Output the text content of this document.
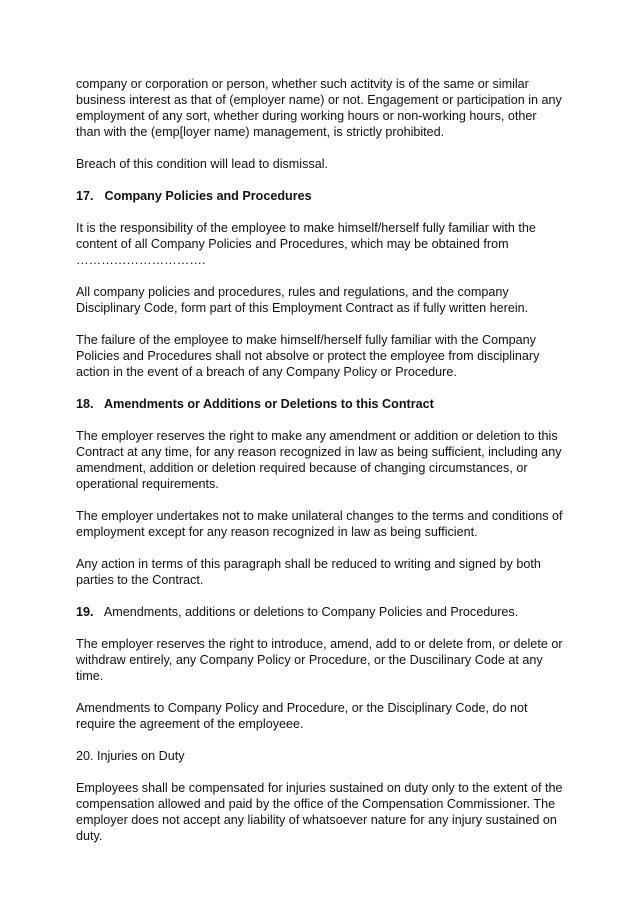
company or corporation or person, whether such actitvity is of the same or similar business interest as that of (employer name) or not. Engagement or participation in any employment of any sort, whether during working hours or non-working hours, other than with the (emp[loyer name) management, is strictly prohibited.

Breach of this condition will lead to dismissal.

17. Company Policies and Procedures

It is the responsibility of the employee to make himself/herself fully familiar with the content of all Company Policies and Procedures, which may be obtained from
………………………….

All company policies and procedures, rules and regulations, and the company Disciplinary Code, form part of this Employment Contract as if fully written herein.

The failure of the employee to make himself/herself fully familiar with the Company Policies and Procedures shall not absolve or protect the employee from disciplinary action in the event of a breach of any Company Policy or Procedure.

18. Amendments or Additions or Deletions to this Contract

The employer reserves the right to make any amendment or addition or deletion to this Contract at any time, for any reason recognized in law as being sufficient, including any amendment, addition or deletion required because of changing circumstances, or operational requirements.

The employer undertakes not to make unilateral changes to the terms and conditions of employment except for any reason recognized in law as being sufficient.

Any action in terms of this paragraph shall be reduced to writing and signed by both parties to the Contract.

19. Amendments, additions or deletions to Company Policies and Procedures.

The employer reserves the right to introduce, amend, add to or delete from, or delete or withdraw entirely, any Company Policy or Procedure, or the Duscilinary Code at any time.

Amendments to Company Policy and Procedure, or the Disciplinary Code, do not require the agreement of the employeee.

20. Injuries on Duty

Employees shall be compensated for injuries sustained on duty only to the extent of the compensation allowed and paid by the office of the Compensation Commissioner. The employer does not accept any liability of whatsoever nature for any injury sustained on duty.
